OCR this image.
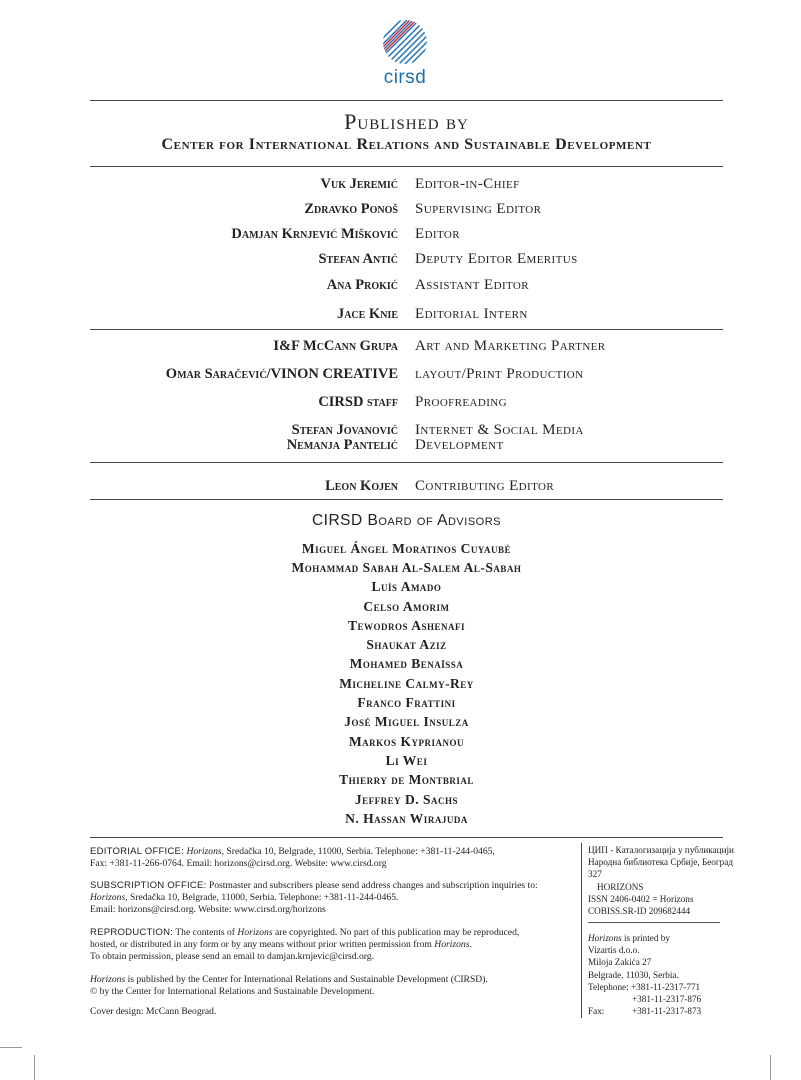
cirsd
Published by
Center for International Relations and Sustainable Development
Vuk Jeremić Editor-in-Chief
Zdravko Ponoš Supervising Editor
Damjan Krnjević Mišković Editor
Stefan Antić Deputy Editor Emeritus
Ana Prokić Assistant Editor
Jace Knie Editorial Intern
I&F McCann Grupa Art and Marketing Partner
Omar Saračević/VINON CREATIVE layout/Print Production
CIRSD staff Proofreading
Stefan Jovanović Internet & Social Media
Nemanja Pantelić Development
Leon Kojen Contributing Editor
CIRSD Board of Advisors
Miguel Ángel Moratinos Cuyaubé
Mohammad Sabah Al-Salem Al-Sabah
Luís Amado
Celso Amorim
Tewodros Ashenafi
Shaukat Aziz
Mohamed Benaïssa
Micheline Calmy-Rey
Franco Frattini
José Miguel Insulza
Markos Kyprianou
Li Wei
Thierry de Montbrial
Jeffrey D. Sachs
N. Hassan Wirajuda
EDITORIAL OFFICE: Horizons, Sredačka 10, Belgrade, 11000, Serbia. Telephone: +381-11-244-0465,
Fax: +381-11-266-0764. Email: horizons@cirsd.org. Website: www.cirsd.org
SUBSCRIPTION OFFICE: Postmaster and subscribers please send address changes and subscription inquiries to:
Horizons, Sredačka 10, Belgrade, 11000, Serbia. Telephone: +381-11-244-0465.
Email: horizons@cirsd.org. Website: www.cirsd.org/horizons
REPRODUCTION: The contents of Horizons are copyrighted. No part of this publication may be reproduced,
hosted, or distributed in any form or by any means without prior written permission from Horizons.
To obtain permission, please send an email to damjan.krnjevic@cirsd.org.
Horizons is published by the Center for International Relations and Sustainable Development (CIRSD).
© by the Center for International Relations and Sustainable Development.
Cover design: McCann Beograd.
ЦИП - Каталогизација у публикацији
Народна библиотека Србије, Београд
327
HORIZONS
ISSN 2406-0402 = Horizons
COBISS.SR-ID 209682444
Horizons is printed by
Vizartis d.o.o.
Miloja Zakića 27
Belgrade, 11030, Serbia.
Telephone: +381-11-2317-771
+381-11-2317-876
Fax:	+381-11-2317-873
